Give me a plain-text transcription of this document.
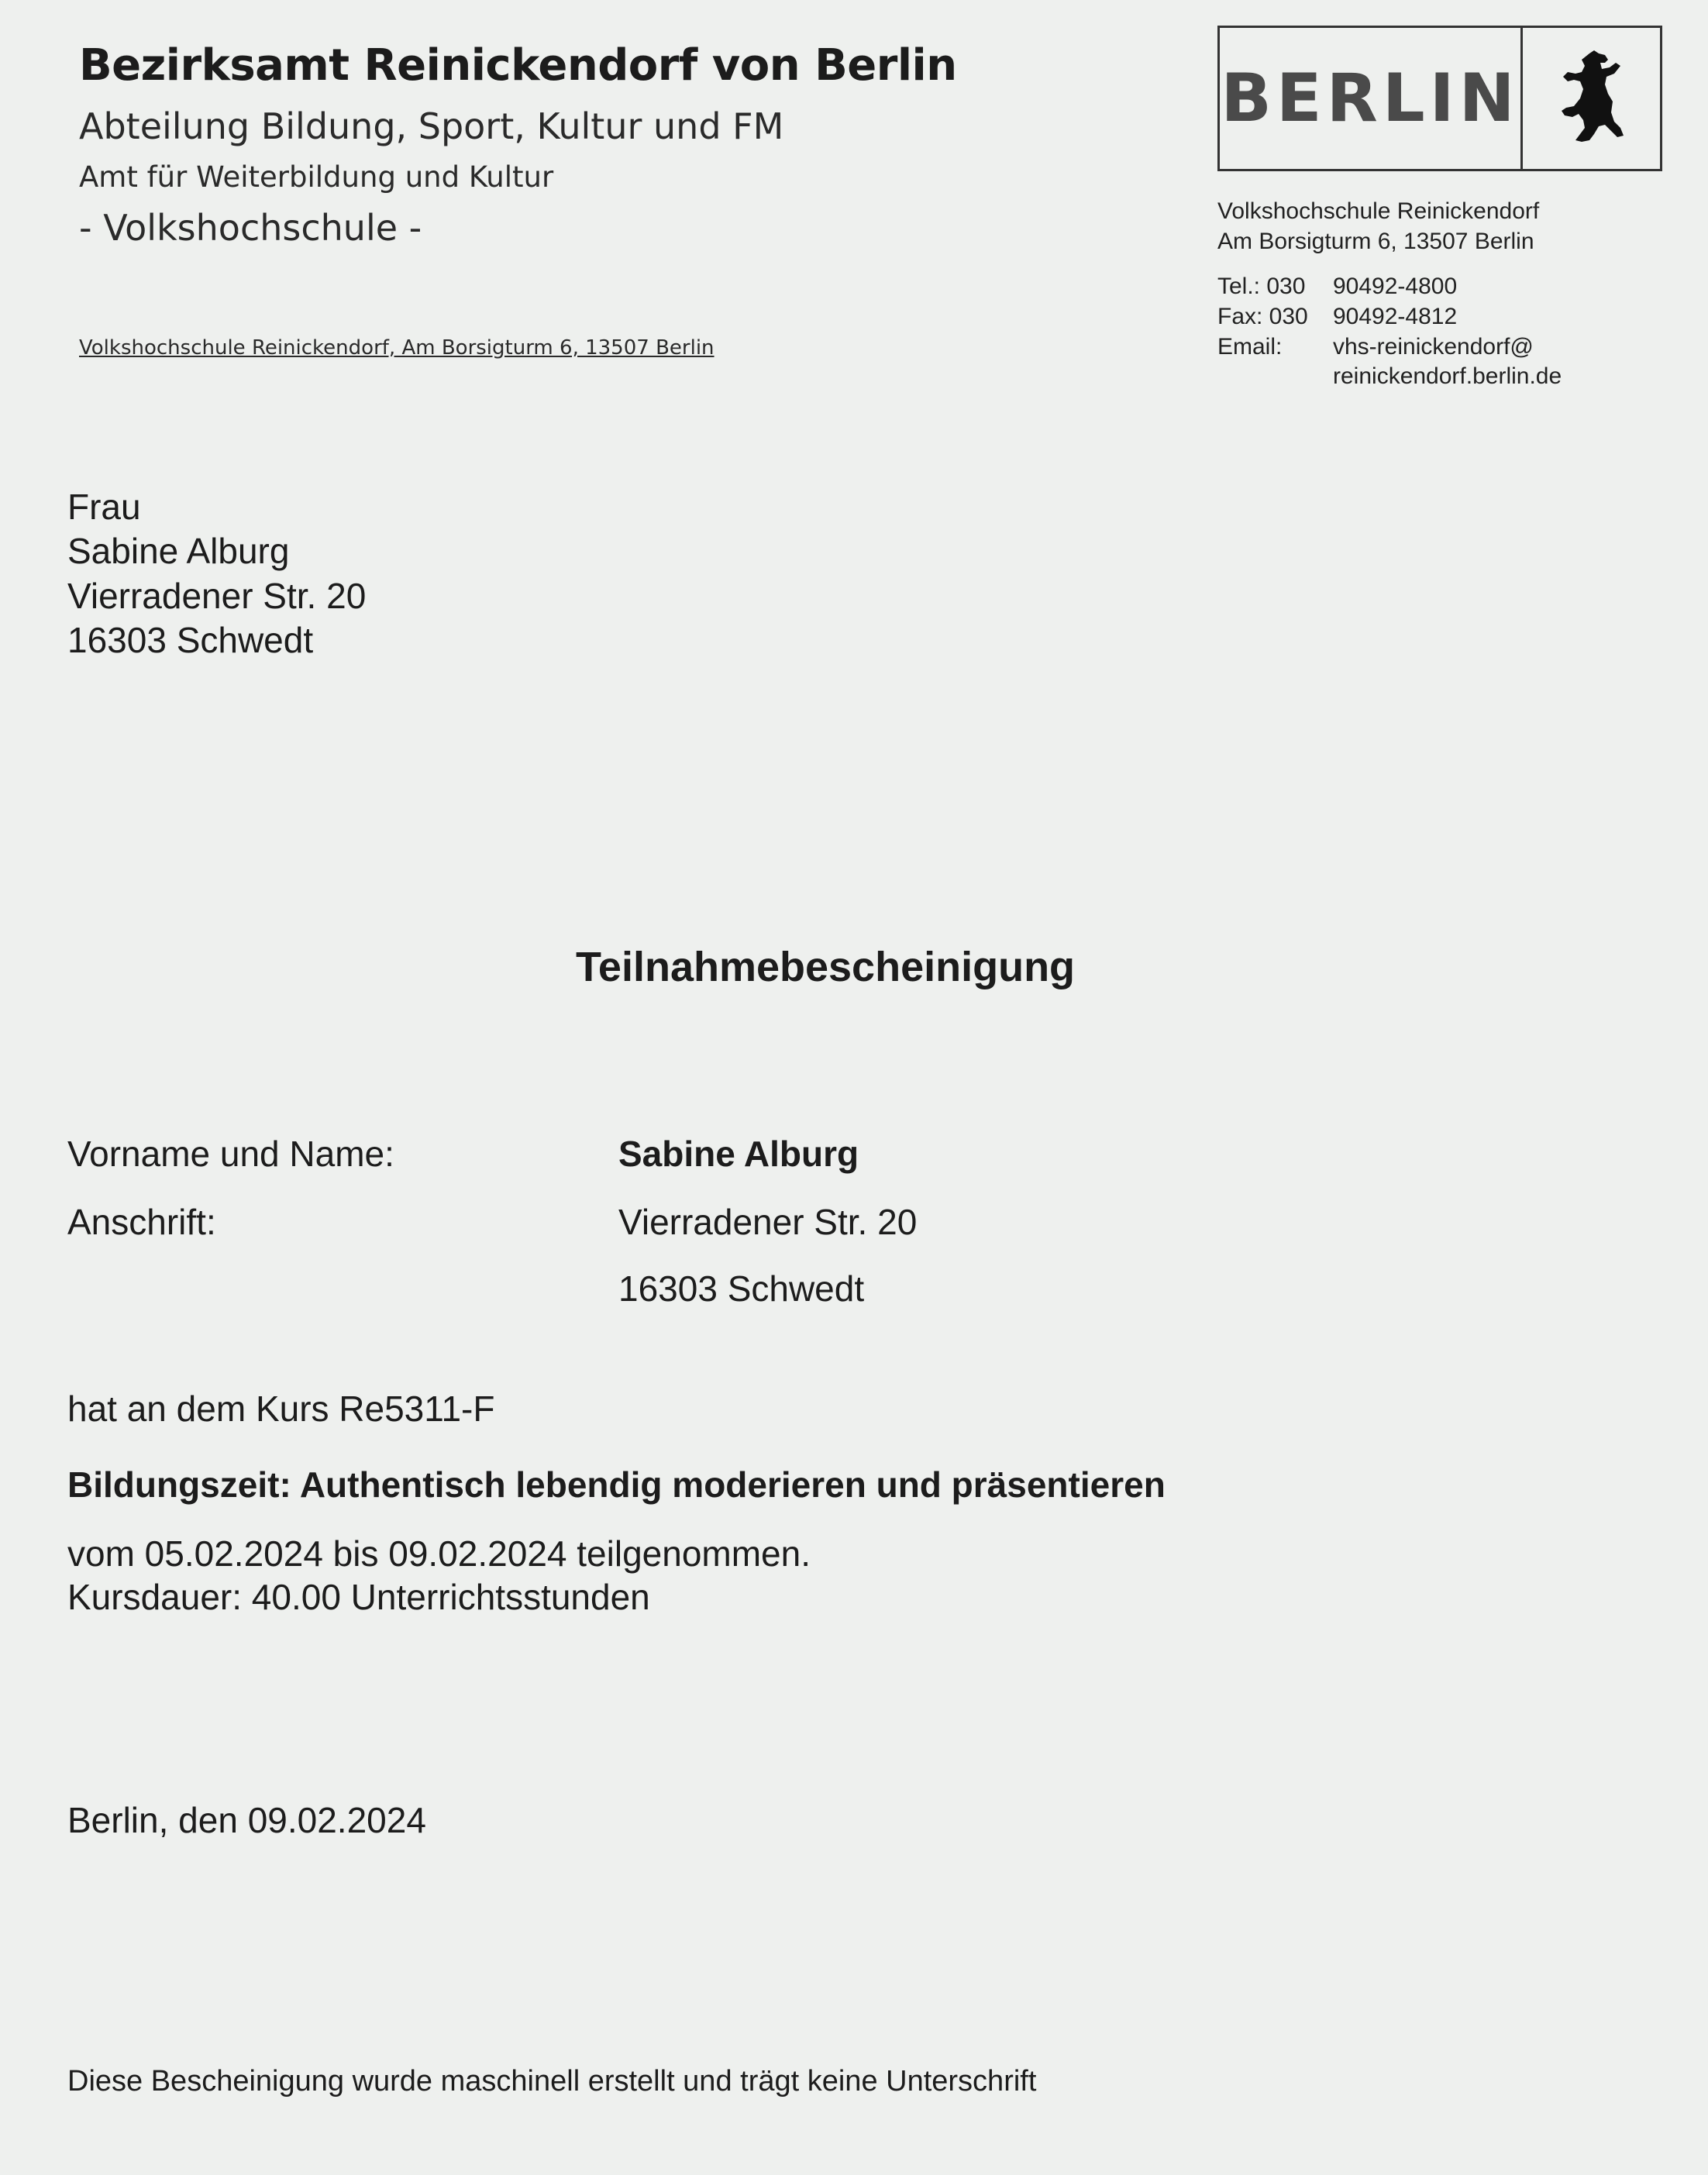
Bezirksamt Reinickendorf von Berlin
Abteilung Bildung, Sport, Kultur und FM
Amt für Weiterbildung und Kultur
- Volkshochschule -
Volkshochschule Reinickendorf, Am Borsigturm 6, 13507 Berlin
BERLIN
Volkshochschule Reinickendorf
Am Borsigturm 6, 13507 Berlin
Tel.: 030 90492-4800
Fax: 030 90492-4812
Email: vhs-reinickendorf@
reinickendorf.berlin.de
Frau
Sabine Alburg
Vierradener Str. 20
16303 Schwedt
Teilnahmebescheinigung
Vorname und Name:	Sabine Alburg
Anschrift:	Vierradener Str. 20
16303 Schwedt
hat an dem Kurs Re5311-F
Bildungszeit: Authentisch lebendig moderieren und präsentieren
vom 05.02.2024 bis 09.02.2024 teilgenommen.
Kursdauer: 40.00 Unterrichtsstunden
Berlin, den 09.02.2024
Diese Bescheinigung wurde maschinell erstellt und trägt keine Unterschrift
